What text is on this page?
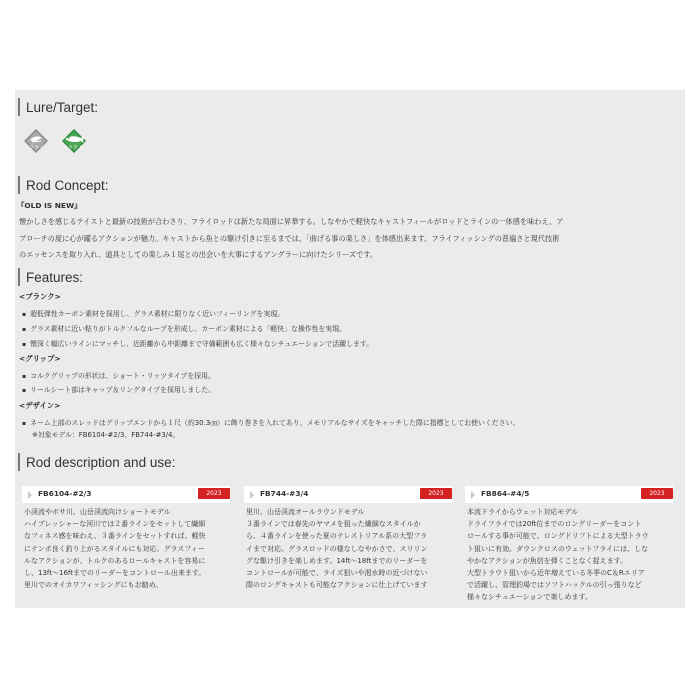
Lure/Target:
フライ	トラウト
Rod Concept:
『OLD IS NEW』
懐かしさを感じるテイストと最新の技術が合わさり、フライロッドは新たな局面に昇華する。しなやかで軽快なキャストフィールがロッドとラインの一体感を味わえ、ア
プローチの度に心が躍るアクションが魅力。キャストから魚との駆け引きに至るまでは、「曲げる事の楽しさ」を体感出来ます。フライフィッシングの普遍さと現代技術
のエッセンスを取り入れ、道具としての楽しみ１尾との出会いを大事にするアングラーに向けたシリーズです。
Features:
<ブランク>
▪ 超低弾性カーボン素材を採用し、グラス素材に限りなく近いフィーリングを実現。
▪ グラス素材に近い粘りがトルクフルなループを形成し、カーボン素材による「軽快」な操作性を実現。
▪ 懐深く幅広いラインにマッチし、近距離から中距離まで守備範囲も広く様々なシチュエーションで活躍します。
<グリップ>
▪ コルクグリップの形状は、ショート・リッツタイプを採用。
▪ リールシート部はキャップ＆リングタイプを採用しました。
<デザイン>
▪ ネーム上部のスレッドはグリップエンドから１尺（約30.3㎝）に飾り巻きを入れてあり、メモリアルなサイズをキャッチした際に指標としてお使いください。
※対象モデル：FB6104-#2/3、FB744-#3/4。
Rod description and use:
FB6104-#2/3	2023
小渓流やボサ川、山岳渓流向けショートモデル
ハイプレッシャーな河川では２番ラインをセットして繊細
なフィネス感を味わえ、３番ラインをセットすれば、軽快
にテンポ良く釣り上がるスタイルにも対応。グラスフィー
ルなアクションが、トルクのあるロールキャストを容易に
し、13ft〜16ftまでのリーダーをコントロール出来ます。
里川でのオイカワフィッシングにもお勧め。
FB744-#3/4	2023
里川、山岳渓流オールラウンドモデル
３番ラインでは春先のヤマメを狙った繊細なスタイルか
ら、４番ラインを使った夏のテレストリアル系の大型フラ
イまで対応。グラスロッドの様なしなやかさで、スリリン
グな駆け引きを楽しめます。14ft〜18ftまでのリーダーを
コントロールが可能で、ライズ狙いや渇水時の近づけない
際のロングキャストも可能なアクションに仕上げています
FB864-#4/5	2023
本流ドライからウェット対応モデル
ドライフライでは20ft位までのロングリーダーをコント
ロールする事が可能で、ロングドリフトによる大型トラウ
ト狙いに有効。ダウンクロスのウェットフライには、しな
やかなアクションが魚信を弾くことなく捉えます。
大型トラウト狙いから近年増えている冬季のC＆Rエリア
で活躍し、管理釣場ではソフトハックルの引っ張りなど
様々なシチュエーションで楽しめます。
